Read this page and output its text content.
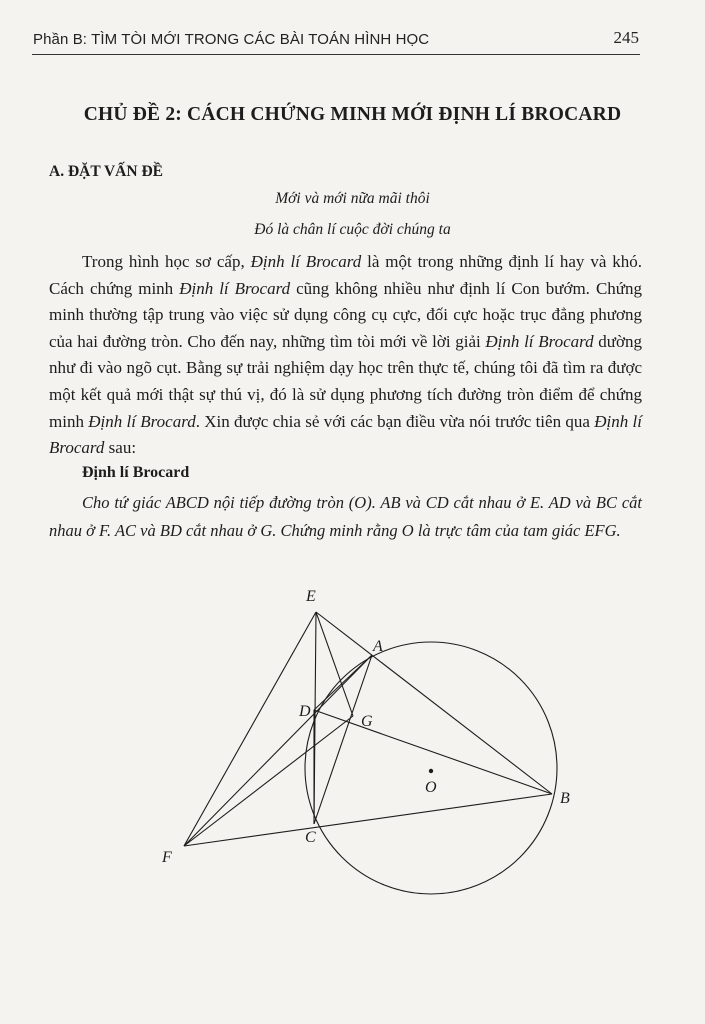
Phần B: TÌM TÒI MỚI TRONG CÁC BÀI TOÁN HÌNH HỌC	245
CHỦ ĐỀ 2: CÁCH CHỨNG MINH MỚI ĐỊNH LÍ BROCARD
A. ĐẶT VẤN ĐỀ
Mới và mới nữa mãi thôi
Đó là chân lí cuộc đời chúng ta

Trong hình học sơ cấp, Định lí Brocard là một trong những định lí hay và khó. Cách chứng minh Định lí Brocard cũng không nhiều như định lí Con bướm. Chứng minh thường tập trung vào việc sử dụng công cụ cực, đối cực hoặc trục đẳng phương của hai đường tròn. Cho đến nay, những tìm tòi mới về lời giải Định lí Brocard dường như đi vào ngõ cụt. Bằng sự trải nghiệm dạy học trên thực tế, chúng tôi đã tìm ra được một kết quả mới thật sự thú vị, đó là sử dụng phương tích đường tròn điểm để chứng minh Định lí Brocard. Xin được chia sẻ với các bạn điều vừa nói trước tiên qua Định lí Brocard sau:

Định lí Brocard

Cho tứ giác ABCD nội tiếp đường tròn (O). AB và CD cắt nhau ở E. AD và BC cắt nhau ở F. AC và BD cắt nhau ở G. Chứng minh rằng O là trực tâm của tam giác EFG.

E
A
D
G
O
B
C
F
